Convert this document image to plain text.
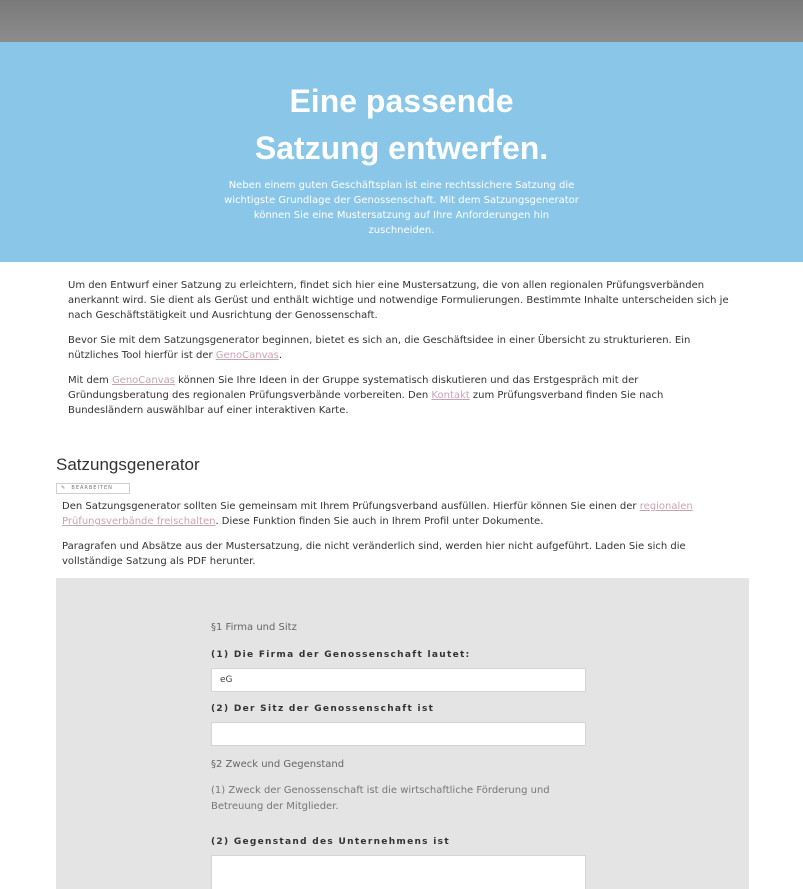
Eine passende
Satzung entwerfen.
Neben einem guten Geschäftsplan ist eine rechtssichere Satzung die wichtigste Grundlage der Genossenschaft. Mit dem Satzungsgenerator können Sie eine Mustersatzung auf Ihre Anforderungen hin zuschneiden.

Um den Entwurf einer Satzung zu erleichtern, findet sich hier eine Mustersatzung, die von allen regionalen Prüfungsverbänden anerkannt wird. Sie dient als Gerüst und enthält wichtige und notwendige Formulierungen. Bestimmte Inhalte unterscheiden sich je nach Geschäftstätigkeit und Ausrichtung der Genossenschaft.

Bevor Sie mit dem Satzungsgenerator beginnen, bietet es sich an, die Geschäftsidee in einer Übersicht zu strukturieren. Ein nützliches Tool hierfür ist der GenoCanvas.

Mit dem GenoCanvas können Sie Ihre Ideen in der Gruppe systematisch diskutieren und das Erstgespräch mit der Gründungsberatung des regionalen Prüfungsverbände vorbereiten. Den Kontakt zum Prüfungsverband finden Sie nach Bundesländern auswählbar auf einer interaktiven Karte.

Satzungsgenerator
✎ BEARBEITEN

Den Satzungsgenerator sollten Sie gemeinsam mit Ihrem Prüfungsverband ausfüllen. Hierfür können Sie einen der regionalen Prüfungsverbände freischalten. Diese Funktion finden Sie auch in Ihrem Profil unter Dokumente.

Paragrafen und Absätze aus der Mustersatzung, die nicht veränderlich sind, werden hier nicht aufgeführt. Laden Sie sich die vollständige Satzung als PDF herunter.

§1 Firma und Sitz
(1) Die Firma der Genossenschaft lautet:
eG
(2) Der Sitz der Genossenschaft ist
§2 Zweck und Gegenstand
(1) Zweck der Genossenschaft ist die wirtschaftliche Förderung und Betreuung der Mitglieder.
(2) Gegenstand des Unternehmens ist
